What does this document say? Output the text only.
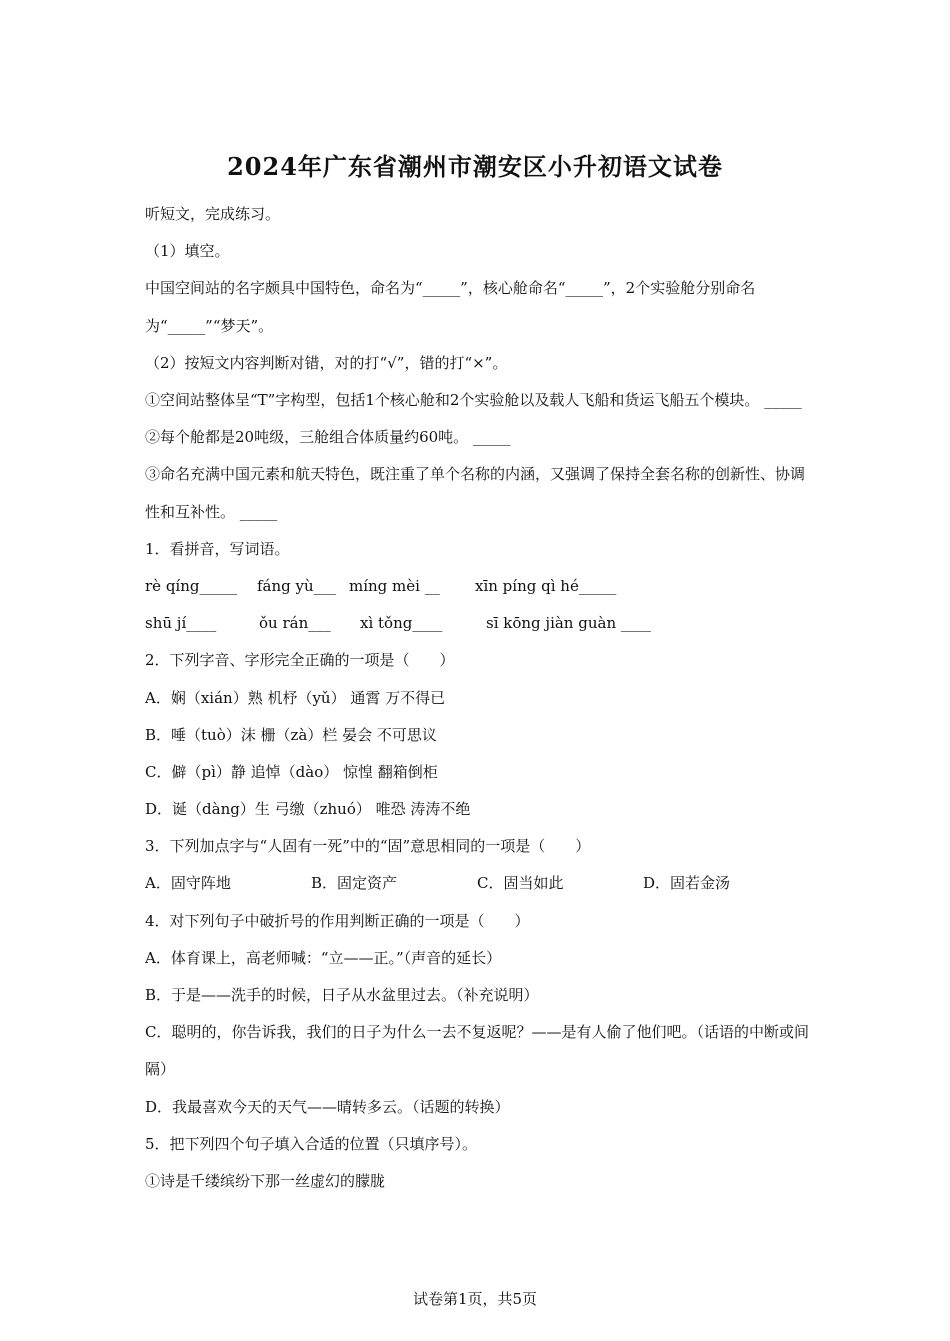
2024年广东省潮州市潮安区小升初语文试卷
听短文，完成练习。
（1）填空。
中国空间站的名字颇具中国特色，命名为“_____”，核心舱命名“_____”，2个实验舱分别命名为“_____”“梦天”。
（2）按短文内容判断对错，对的打“√”，错的打“×”。
①空间站整体呈“T”字构型，包括1个核心舱和2个实验舱以及载人飞船和货运飞船五个模块。 _____
②每个舱都是20吨级，三舱组合体质量约60吨。 _____
③命名充满中国元素和航天特色，既注重了单个名称的内涵，又强调了保持全套名称的创新性、协调性和互补性。 _____
1．看拼音，写词语。
rè qíng_____	fáng yù___ míng mèi __	xīn píng qì hé_____
shū jí____	ǒu rán___	xì tǒng____	sī kōng jiàn guàn ____
2．下列字音、字形完全正确的一项是（　　）
A．娴（xián）熟 机杼（yǔ） 通霄 万不得已
B．唾（tuò）沫 栅（zà）栏 晏会 不可思议
C．僻（pì）静 追悼（dào） 惊惶 翻箱倒柜
D．诞（dàng）生 弓缴（zhuó） 唯恐 涛涛不绝
3．下列加点字与“人固有一死”中的“固”意思相同的一项是（　　）
A．固守阵地	B．固定资产	C．固当如此	D．固若金汤
4．对下列句子中破折号的作用判断正确的一项是（　　）
A．体育课上，高老师喊：“立——正。”（声音的延长）
B．于是——洗手的时候，日子从水盆里过去。（补充说明）
C．聪明的，你告诉我，我们的日子为什么一去不复返呢？——是有人偷了他们吧。（话语的中断或间隔）
D．我最喜欢今天的天气——晴转多云。（话题的转换）
5．把下列四个句子填入合适的位置（只填序号）。
①诗是千缕缤纷下那一丝虚幻的朦胧
试卷第1页，共5页
